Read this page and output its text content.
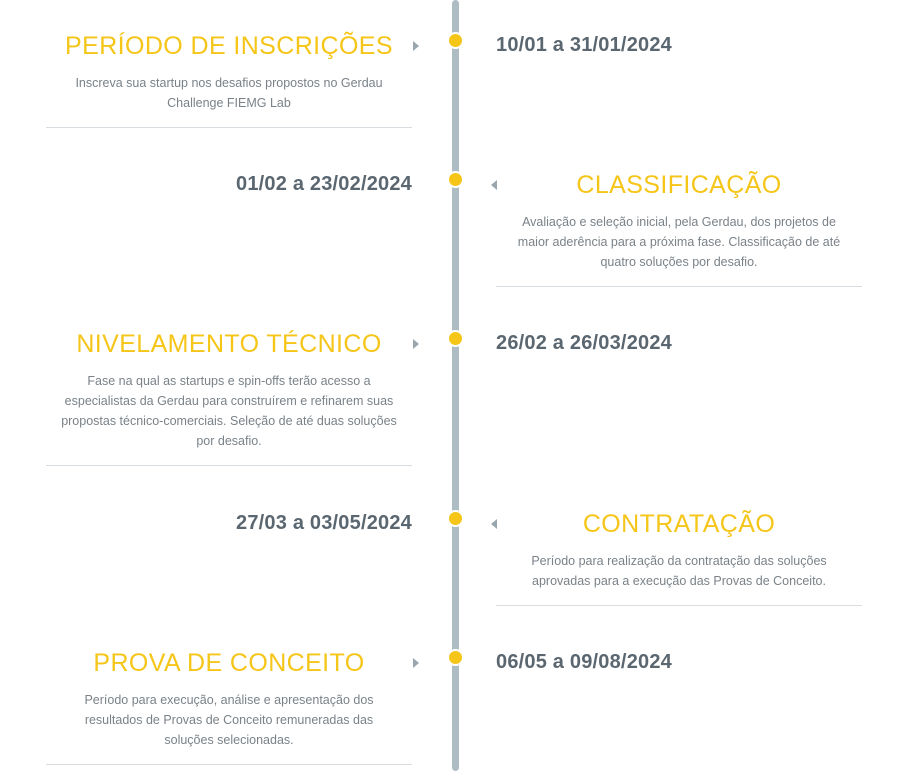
PERÍODO DE INSCRIÇÕES

Inscreva sua startup nos desafios propostos no Gerdau Challenge FIEMG Lab

10/01 a 31/01/2024

01/02 a 23/02/2024	CLASSIFICAÇÃO

Avaliação e seleção inicial, pela Gerdau, dos projetos de maior aderência para a próxima fase. Classificação de até quatro soluções por desafio.

NIVELAMENTO TÉCNICO

Fase na qual as startups e spin-offs terão acesso a especialistas da Gerdau para construírem e refinarem suas propostas técnico-comerciais. Seleção de até duas soluções por desafio.

26/02 a 26/03/2024

27/03 a 03/05/2024	CONTRATAÇÃO

Período para realização da contratação das soluções aprovadas para a execução das Provas de Conceito.

PROVA DE CONCEITO

Período para execução, análise e apresentação dos resultados de Provas de Conceito remuneradas das soluções selecionadas.

06/05 a 09/08/2024
